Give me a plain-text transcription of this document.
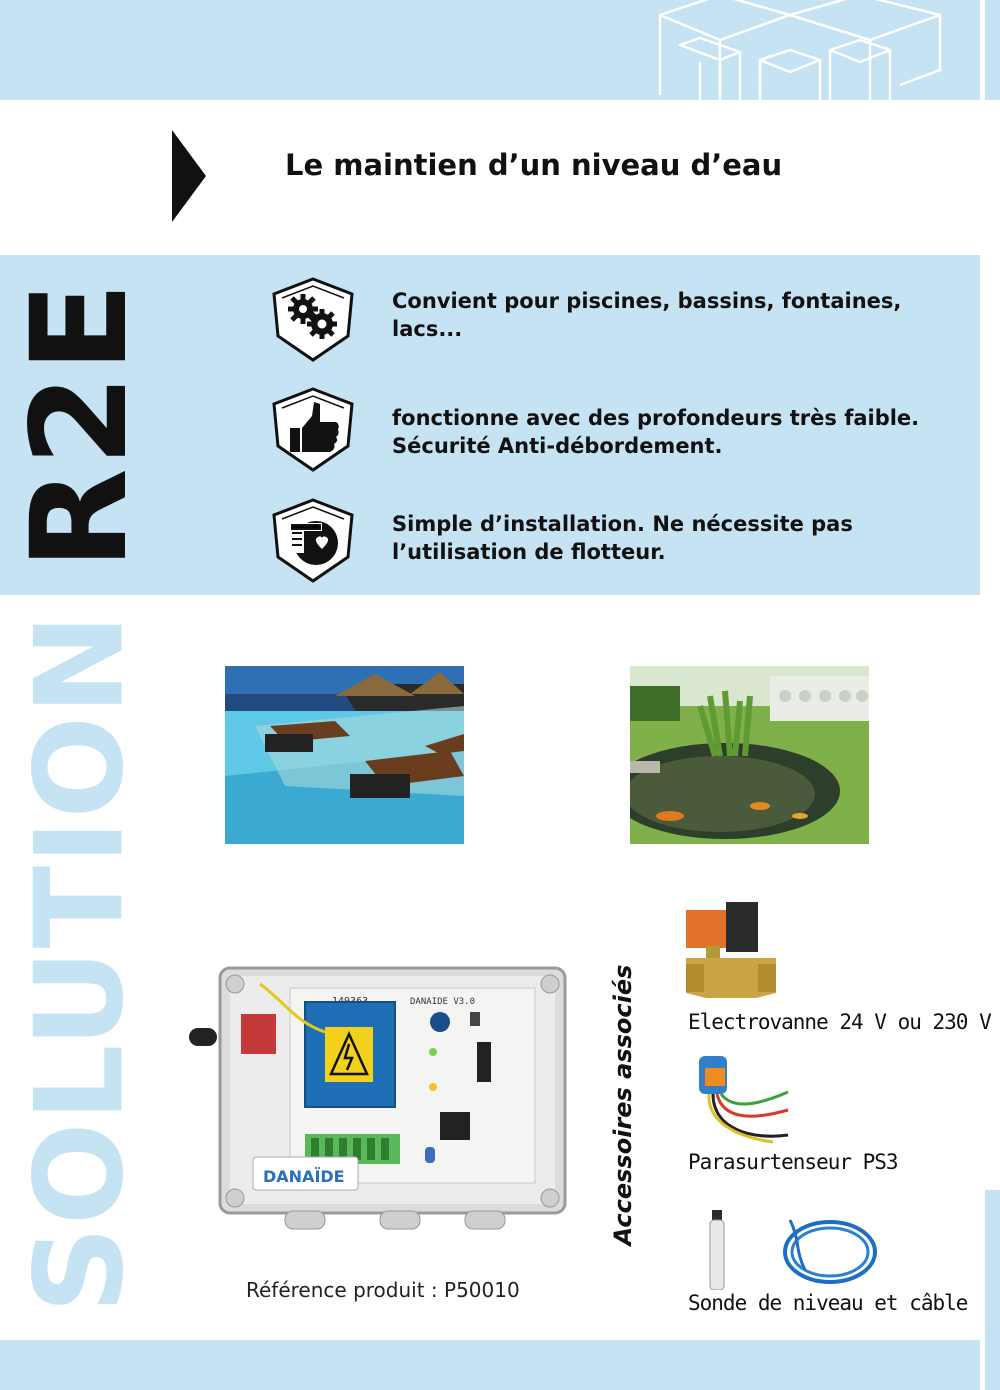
Le maintien d’un niveau d’eau
R2E
SOLUTION
Convient pour piscines, bassins, fontaines,
lacs...
fonctionne avec des profondeurs très faible.
Sécurité Anti-débordement.
Simple d’installation. Ne nécessite pas
l’utilisation de flotteur.
DANAIDE V3.0
DANAÏDE
Référence produit : P50010
Accessoires associés Electrovanne 24 V ou 230 V
Parasurtenseur PS3
Sonde de niveau et câble
